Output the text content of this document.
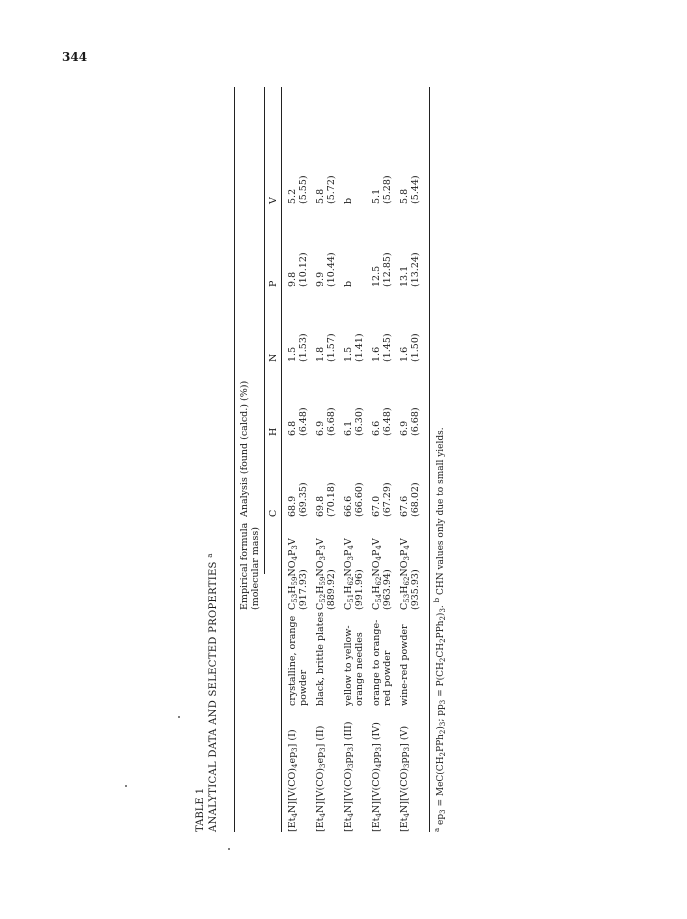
344
TABLE 1 ANALYTICAL DATA AND SELECTED PROPERTIES $^a$	Empirical formula (molecular mass)
Analysis (found (calcd.) (%)) C
H
N
P
V
$[Et_4N][V(CO)_4ep_3]$ (I)
crystalline, orange powder
$C_{53}H_{59}NO_4P_3V$
(917.93)
68.9 (69.35)
6.8 (6.48)
1.5 (1.53)
9.8 (10.12)
5.2 (5.55)
$[Et_4N][V(CO)_3ep_3]$ (II)
black, brittle plates
$C_{52}H_{59}NO_3P_3V$
(889.92)
69.8 (70.18)
6.9 (6.68)
1.8 (1.57)
9.9 (10.44)
5.8 (5.72)
$[Et_4N][V(CO)_3pp_3]$ (III)
yellow to yellow- orange needles
$C_{51}H_{62}NO_3P_4V$
(991.96)
66.6 (66.60)
6.1 (6.30)
1.5 (1.41)
b
b
$[Et_4N][V(CO)_4pp_3]$ (IV)
orange to orange- red powder
$C_{54}H_{62}NO_4P_4V$
(963.94)
67.0 (67.29)
6.6 (6.48)
1.6 (1.45)
12.5 (12.85)
5.1 (5.28)
$[Et_4N][V(CO)_3pp_3]$ (V)
wine-red powder
$C_{53}H_{62}NO_3P_4V$
(935.93)
67.6 (68.02)
6.9 (6.68)
1.6 (1.50)
13.1 (13.24)
5.8 (5.44)
$^a$ $ep_3 = MeC(CH_2PPh_2)_3$; $pp_3 = P(CH_2CH_2PPh_2)_3$. $^b$ CHN values only due to small yields.
